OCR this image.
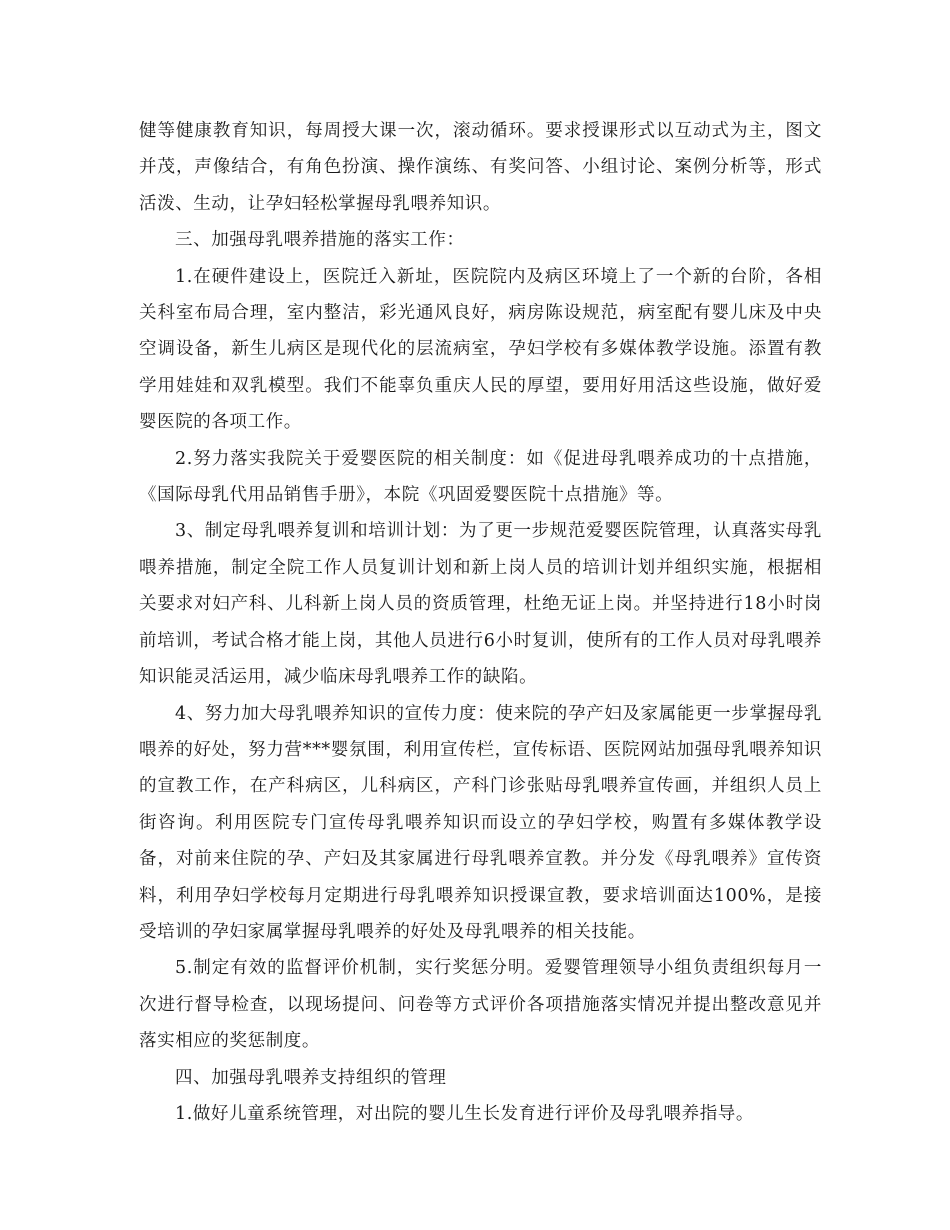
健等健康教育知识，每周授大课一次，滚动循环。要求授课形式以互动式为主，图文并茂，声像结合，有角色扮演、操作演练、有奖问答、小组讨论、案例分析等，形式活泼、生动，让孕妇轻松掌握母乳喂养知识。

三、加强母乳喂养措施的落实工作：

1.在硬件建设上，医院迁入新址，医院院内及病区环境上了一个新的台阶，各相关科室布局合理，室内整洁，彩光通风良好，病房陈设规范，病室配有婴儿床及中央空调设备，新生儿病区是现代化的层流病室，孕妇学校有多媒体教学设施。添置有教学用娃娃和双乳模型。我们不能辜负重庆人民的厚望，要用好用活这些设施，做好爱婴医院的各项工作。

2.努力落实我院关于爱婴医院的相关制度：如《促进母乳喂养成功的十点措施，《国际母乳代用品销售手册》，本院《巩固爱婴医院十点措施》等。

3、制定母乳喂养复训和培训计划：为了更一步规范爱婴医院管理，认真落实母乳喂养措施，制定全院工作人员复训计划和新上岗人员的培训计划并组织实施，根据相关要求对妇产科、儿科新上岗人员的资质管理，杜绝无证上岗。并坚持进行18小时岗前培训，考试合格才能上岗，其他人员进行6小时复训，使所有的工作人员对母乳喂养知识能灵活运用，减少临床母乳喂养工作的缺陷。

4、努力加大母乳喂养知识的宣传力度：使来院的孕产妇及家属能更一步掌握母乳喂养的好处，努力营***婴氛围，利用宣传栏，宣传标语、医院网站加强母乳喂养知识的宣教工作，在产科病区，儿科病区，产科门诊张贴母乳喂养宣传画，并组织人员上街咨询。利用医院专门宣传母乳喂养知识而设立的孕妇学校，购置有多媒体教学设备，对前来住院的孕、产妇及其家属进行母乳喂养宣教。并分发《母乳喂养》宣传资料，利用孕妇学校每月定期进行母乳喂养知识授课宣教，要求培训面达100%，是接受培训的孕妇家属掌握母乳喂养的好处及母乳喂养的相关技能。

5.制定有效的监督评价机制，实行奖惩分明。爱婴管理领导小组负责组织每月一次进行督导检查，以现场提问、问卷等方式评价各项措施落实情况并提出整改意见并落实相应的奖惩制度。

四、加强母乳喂养支持组织的管理

1.做好儿童系统管理，对出院的婴儿生长发育进行评价及母乳喂养指导。
